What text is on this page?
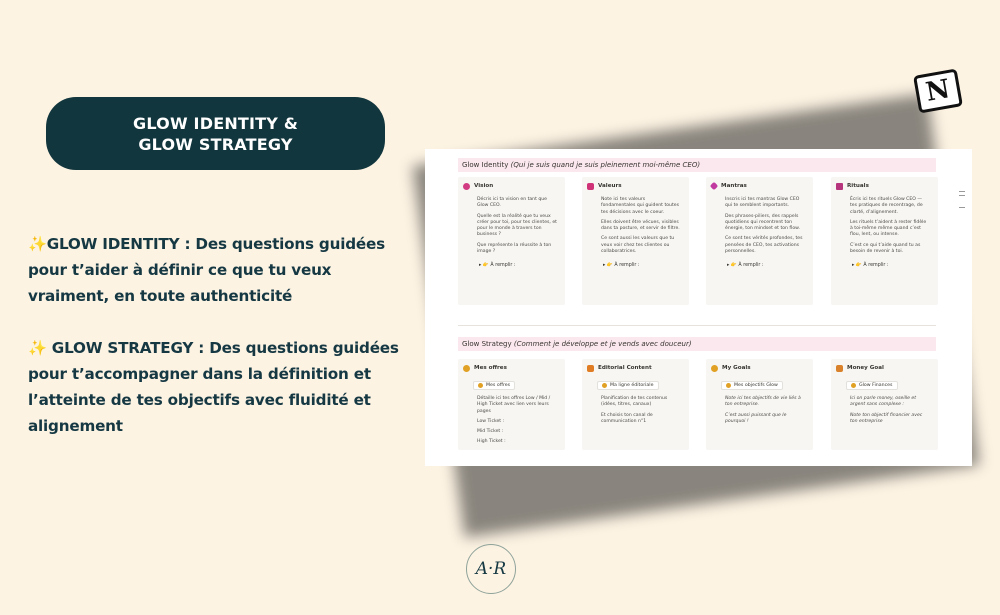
GLOW IDENTITY &
GLOW STRATEGY
✨GLOW IDENTITY : Des questions guidées pour t’aider à définir ce que tu veux vraiment, en toute authenticité
✨ GLOW STRATEGY : Des questions guidées pour t’accompagner dans la définition et l’atteinte de tes objectifs avec fluidité et alignement
N
Glow Identity (Qui je suis quand je suis pleinement moi-même CEO)
Vision

Décris ici ta vision en tant que Glow CEO.

Quelle est la réalité que tu veux créer pour toi, pour tes clientes, et pour le monde à travers ton business ?

Que représente la réussite à ton image ?

▸ 👉 À remplir :
Valeurs

Note ici tes valeurs fondamentales qui guident toutes tes décisions avec le coeur.

Elles doivent être vécues, visibles dans ta posture, et servir de filtre.

Ce sont aussi les valeurs que tu veux voir chez tes clientes ou collaboratrices.

▸ 👉 À remplir :
Mantras

Inscris ici tes mantras Glow CEO qui te semblent importants.

Des phrases-piliers, des rappels quotidiens qui recentrent ton énergie, ton mindset et ton flow.

Ce sont tes vérités profondes, tes pensées de CEO, tes activations personnelles.

▸ 👉 À remplir :
Rituals

Écris ici tes rituels Glow CEO — tes pratiques de recentrage, de clarté, d’alignement.

Les rituels t’aident à rester fidèle à toi-même même quand c’est flou, lent, ou intense.

C’est ce qui t’aide quand tu as besoin de revenir à toi.

▸ 👉 À remplir :
Glow Strategy (Comment je développe et je vends avec douceur)
Mes offres
Mes offres

Détaille ici tes offres Low / Mid / High Ticket avec lien vers leurs pages

Low Ticket :

Mid Ticket :

High Ticket :

Editorial Content
Ma ligne éditoriale

Planification de tes contenus (idées, titres, canaux)

Et choisis ton canal de communication n°1

My Goals
Mes objectifs Glow

Note ici tes objectifs de vie liés à ton entreprise.

C’est aussi puissant que le pourquoi !

Money Goal
Glow Finances

Ici on parle money, oseille et argent sans complexe :

Note ton objectif financier avec ton entreprise

A·R
